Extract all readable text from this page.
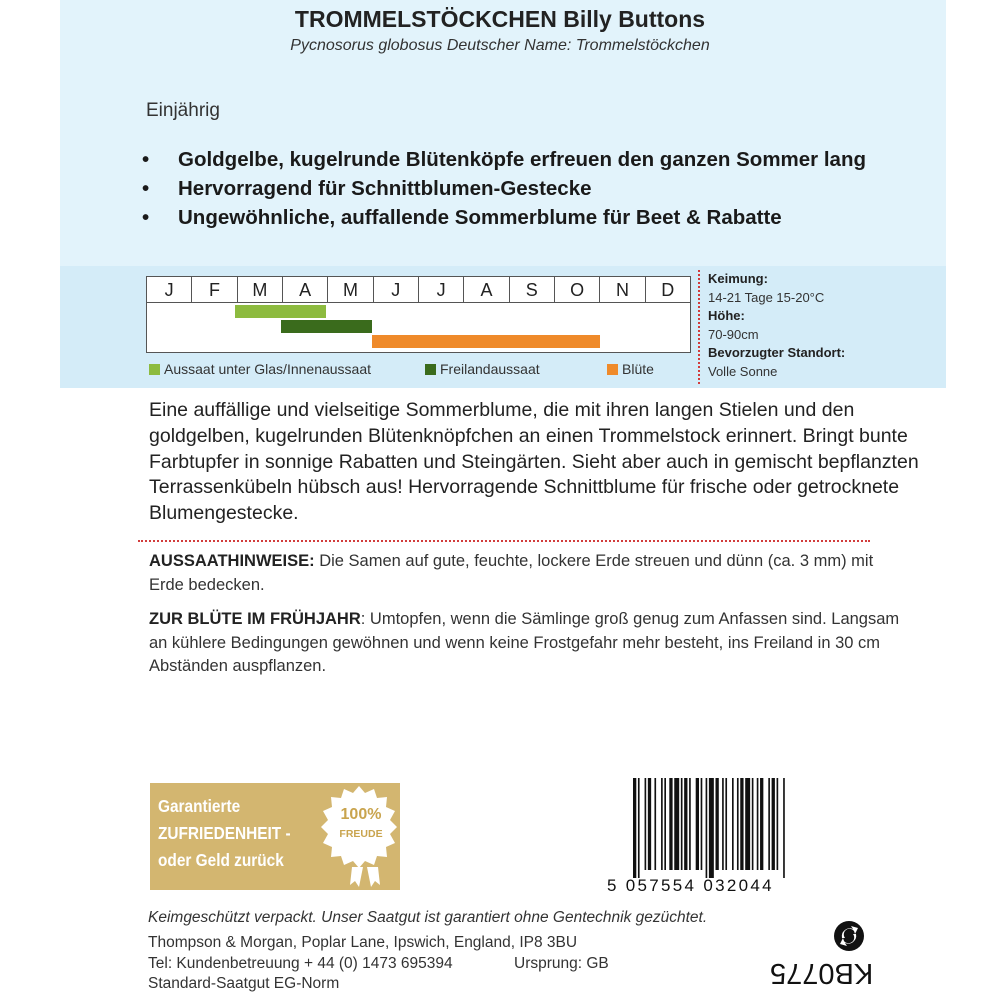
TROMMELSTÖCKCHEN Billy Buttons
Pycnosorus globosus Deutscher Name: Trommelstöckchen
Einjährig
• Goldgelbe, kugelrunde Blütenköpfe erfreuen den ganzen Sommer lang
• Hervorragend für Schnittblumen-Gestecke
• Ungewöhnliche, auffallende Sommerblume für Beet & Rabatte
J	F	M	A	M	J	J	A	S	O	N	D
Aussaat unter Glas/Innenaussaat	Freilandaussaat	Blüte
Keimung:
14-21 Tage 15-20°C
Höhe:
70-90cm
Bevorzugter Standort:
Volle Sonne
Eine auffällige und vielseitige Sommerblume, die mit ihren langen Stielen und den goldgelben, kugelrunden Blütenknöpfchen an einen Trommelstock erinnert. Bringt bunte Farbtupfer in sonnige Rabatten und Steingärten. Sieht aber auch in gemischt bepflanzten Terrassenkübeln hübsch aus! Hervorragende Schnittblume für frische oder getrocknete Blumengestecke.
AUSSAATHINWEISE: Die Samen auf gute, feuchte, lockere Erde streuen und dünn (ca. 3 mm) mit Erde bedecken.
ZUR BLÜTE IM FRÜHJAHR: Umtopfen, wenn die Sämlinge groß genug zum Anfassen sind. Langsam an kühlere Bedingungen gewöhnen und wenn keine Frostgefahr mehr besteht, ins Freiland in 30 cm Abständen auspflanzen.
Garantierte
ZUFRIEDENHEIT -
oder Geld zurück
100%
FREUDE
5 057554 032044
Keimgeschützt verpackt. Unser Saatgut ist garantiert ohne Gentechnik gezüchtet.
Thompson & Morgan, Poplar Lane, Ipswich, England, IP8 3BU
Tel: Kundenbetreuung + 44 (0) 1473 695394	Ursprung: GB
Standard-Saatgut EG-Norm	KB0775
